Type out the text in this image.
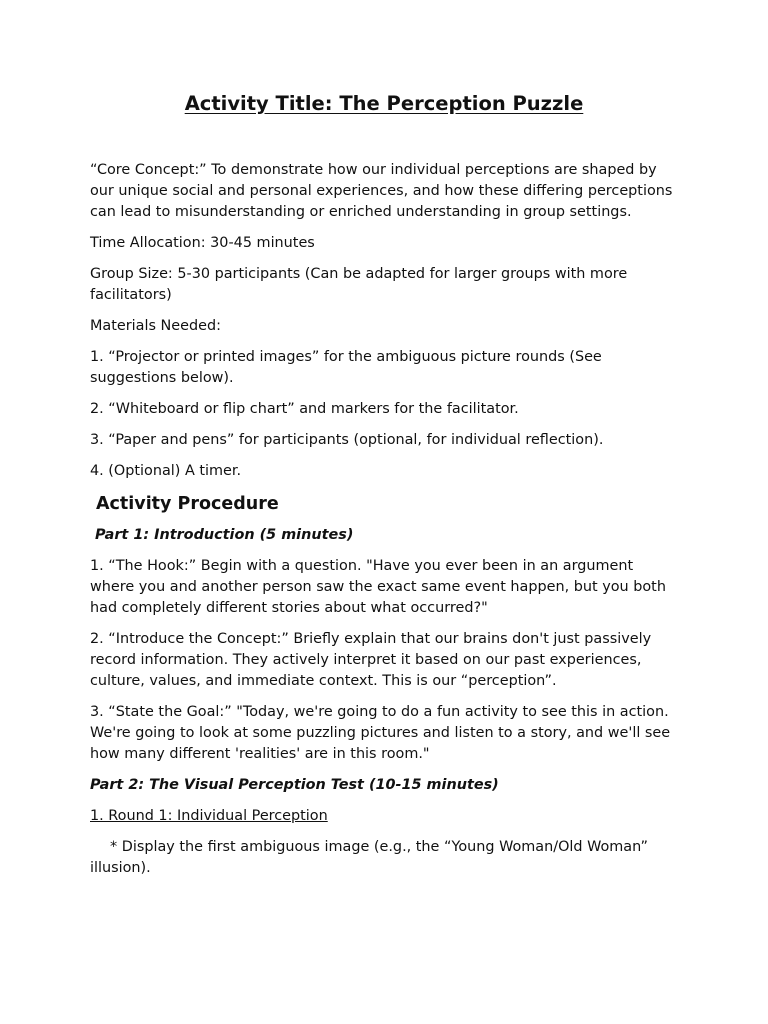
Activity Title: The Perception Puzzle

“Core Concept:” To demonstrate how our individual perceptions are shaped by our unique social and personal experiences, and how these differing perceptions can lead to misunderstanding or enriched understanding in group settings.

Time Allocation: 30-45 minutes

Group Size: 5-30 participants (Can be adapted for larger groups with more facilitators)

Materials Needed:

1. “Projector or printed images” for the ambiguous picture rounds (See suggestions below).

2. “Whiteboard or flip chart” and markers for the facilitator.

3. “Paper and pens” for participants (optional, for individual reflection).

4. (Optional) A timer.

Activity Procedure

Part 1: Introduction (5 minutes)

1. “The Hook:” Begin with a question. "Have you ever been in an argument where you and another person saw the exact same event happen, but you both had completely different stories about what occurred?"

2. “Introduce the Concept:” Briefly explain that our brains don't just passively record information. They actively interpret it based on our past experiences, culture, values, and immediate context. This is our “perception”.

3. “State the Goal:” "Today, we're going to do a fun activity to see this in action. We're going to look at some puzzling pictures and listen to a story, and we'll see how many different 'realities' are in this room."

Part 2: The Visual Perception Test (10-15 minutes)

1. Round 1: Individual Perception

* Display the first ambiguous image (e.g., the “Young Woman/Old Woman” illusion).
